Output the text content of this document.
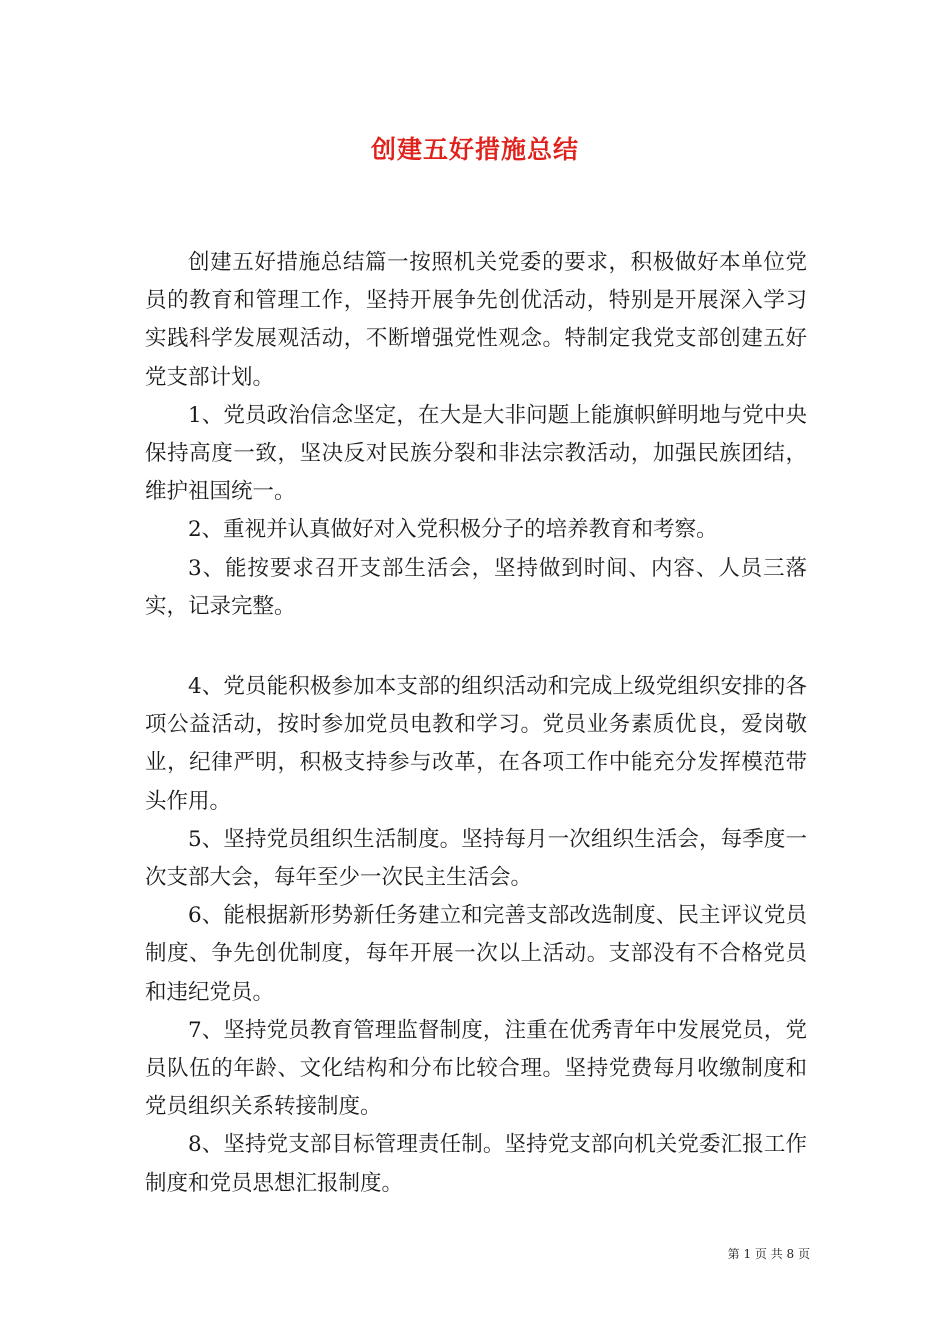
创建五好措施总结

创建五好措施总结篇一按照机关党委的要求，积极做好本单位党员的教育和管理工作，坚持开展争先创优活动，特别是开展深入学习实践科学发展观活动，不断增强党性观念。特制定我党支部创建五好党支部计划。

1、党员政治信念坚定，在大是大非问题上能旗帜鲜明地与党中央保持高度一致，坚决反对民族分裂和非法宗教活动，加强民族团结，维护祖国统一。

2、重视并认真做好对入党积极分子的培养教育和考察。

3、能按要求召开支部生活会，坚持做到时间、内容、人员三落实，记录完整。

4、党员能积极参加本支部的组织活动和完成上级党组织安排的各项公益活动，按时参加党员电教和学习。党员业务素质优良，爱岗敬业，纪律严明，积极支持参与改革，在各项工作中能充分发挥模范带头作用。

5、坚持党员组织生活制度。坚持每月一次组织生活会，每季度一次支部大会，每年至少一次民主生活会。

6、能根据新形势新任务建立和完善支部改选制度、民主评议党员制度、争先创优制度，每年开展一次以上活动。支部没有不合格党员和违纪党员。

7、坚持党员教育管理监督制度，注重在优秀青年中发展党员，党员队伍的年龄、文化结构和分布比较合理。坚持党费每月收缴制度和党员组织关系转接制度。

8、坚持党支部目标管理责任制。坚持党支部向机关党委汇报工作制度和党员思想汇报制度。

第 1 页 共 8 页
